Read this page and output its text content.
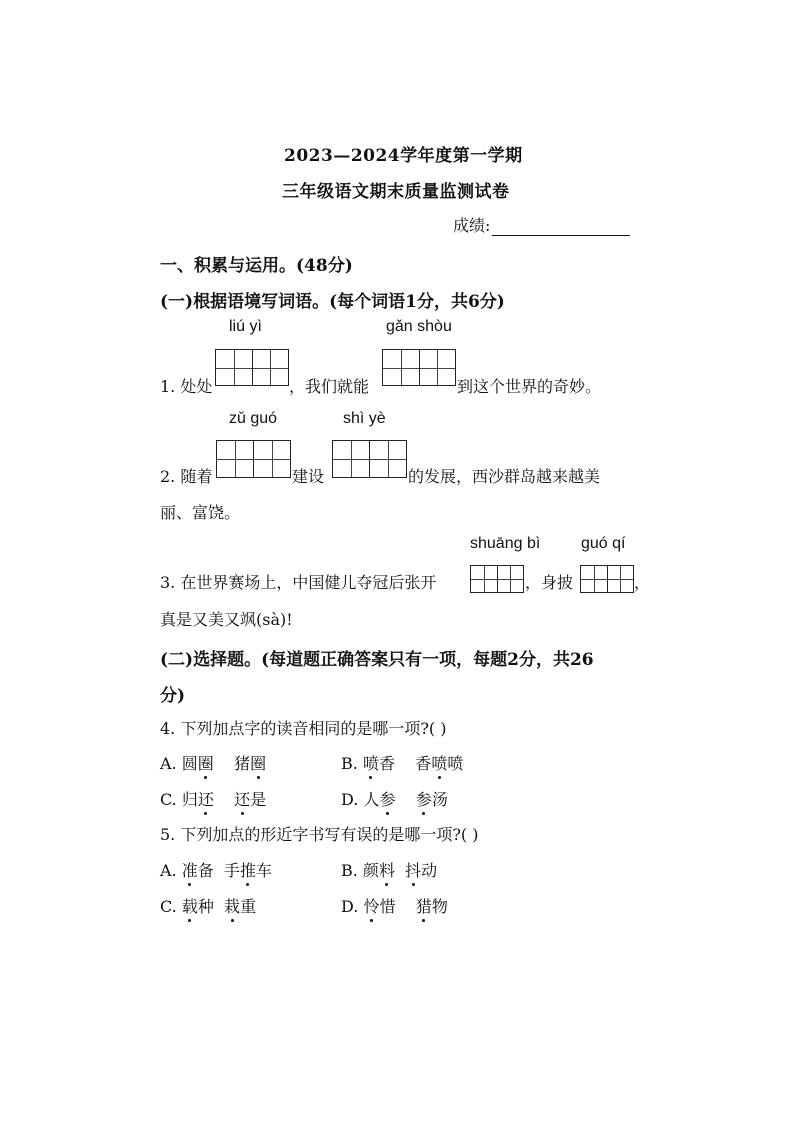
2023—2024学年度第一学期
三年级语文期末质量监测试卷
成绩:
一、积累与运用。(48分)
(一)根据语境写词语。(每个词语1分，共6分)
liú yì	gǎn shòu
1. 处处	，我们就能	到这个世界的奇妙。
zǔ guó	shì yè
2. 随着	建设	的发展，西沙群岛越来越美
丽、富饶。
shuāng bì	guó qí
3. 在世界赛场上，中国健儿夺冠后张开	，身披	，
真是又美又飒(sà)!
(二)选择题。(每道题正确答案只有一项，每题2分，共26
分)
4. 下列加点字的读音相同的是哪一项?( )
A. 圆圈    猪圈	B. 喷香    香喷喷
C. 归还 还是	D. 人参 参汤
5. 下列加点的形近字书写有误的是哪一项?( )
A. 准备  手推车	B. 颜料 抖动
C. 载种  栽重	D. 怜惜    猎物
